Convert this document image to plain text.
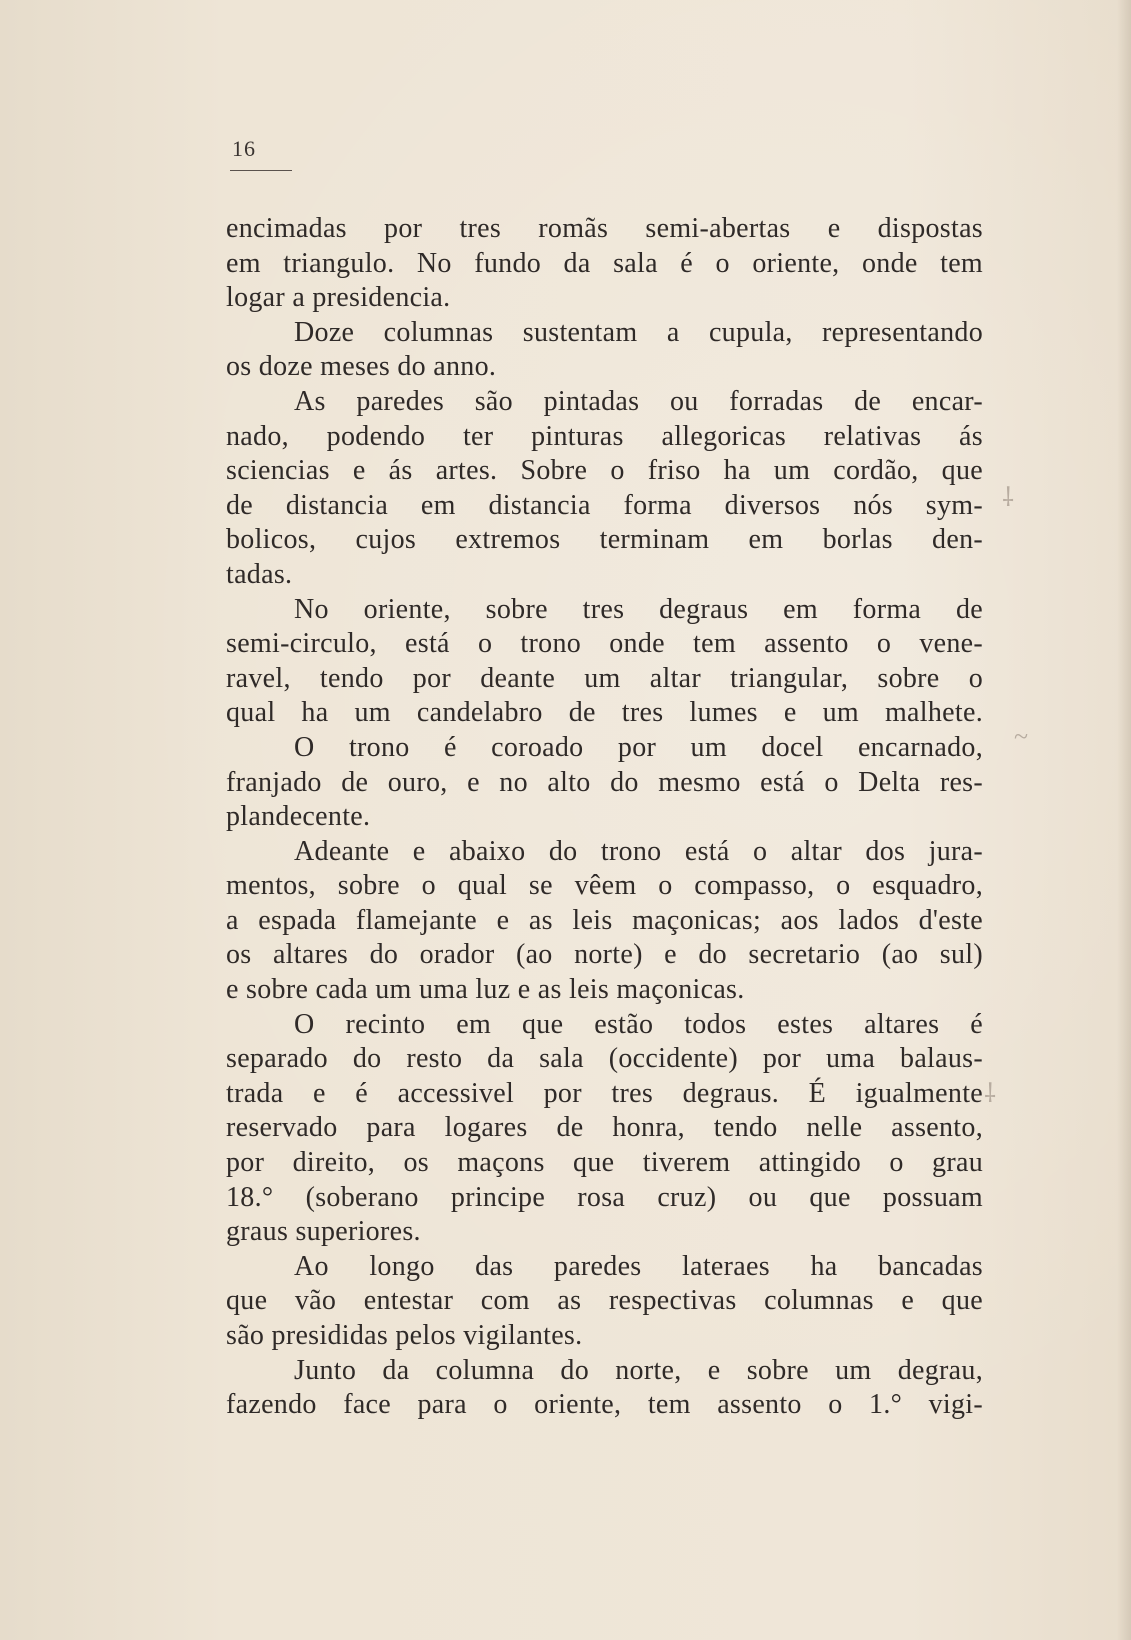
16
encimadas por tres romãs semi-abertas e dispostas
em triangulo. No fundo da sala é o oriente, onde tem
logar a presidencia.
Doze columnas sustentam a cupula, representando
os doze meses do anno.
As paredes são pintadas ou forradas de encar-
nado, podendo ter pinturas allegoricas relativas ás
sciencias e ás artes. Sobre o friso ha um cordão, que
de distancia em distancia forma diversos nós sym-
bolicos, cujos extremos terminam em borlas den-
tadas.
No oriente, sobre tres degraus em forma de
semi-circulo, está o trono onde tem assento o vene-
ravel, tendo por deante um altar triangular, sobre o
qual ha um candelabro de tres lumes e um malhete.
O trono é coroado por um docel encarnado,
franjado de ouro, e no alto do mesmo está o Delta res-
plandecente.
Adeante e abaixo do trono está o altar dos jura-
mentos, sobre o qual se vêem o compasso, o esquadro,
a espada flamejante e as leis maçonicas; aos lados d'este
os altares do orador (ao norte) e do secretario (ao sul)
e sobre cada um uma luz e as leis maçonicas.
O recinto em que estão todos estes altares é
separado do resto da sala (occidente) por uma balaus-
trada e é accessivel por tres degraus. É igualmente
reservado para logares de honra, tendo nelle assento,
por direito, os maçons que tiverem attingido o grau
18.° (soberano principe rosa cruz) ou que possuam
graus superiores.
Ao longo das paredes lateraes ha bancadas
que vão entestar com as respectivas columnas e que
são presididas pelos vigilantes.
Junto da columna do norte, e sobre um degrau,
fazendo face para o oriente, tem assento o 1.° vigi-
⸸
~
⸸
